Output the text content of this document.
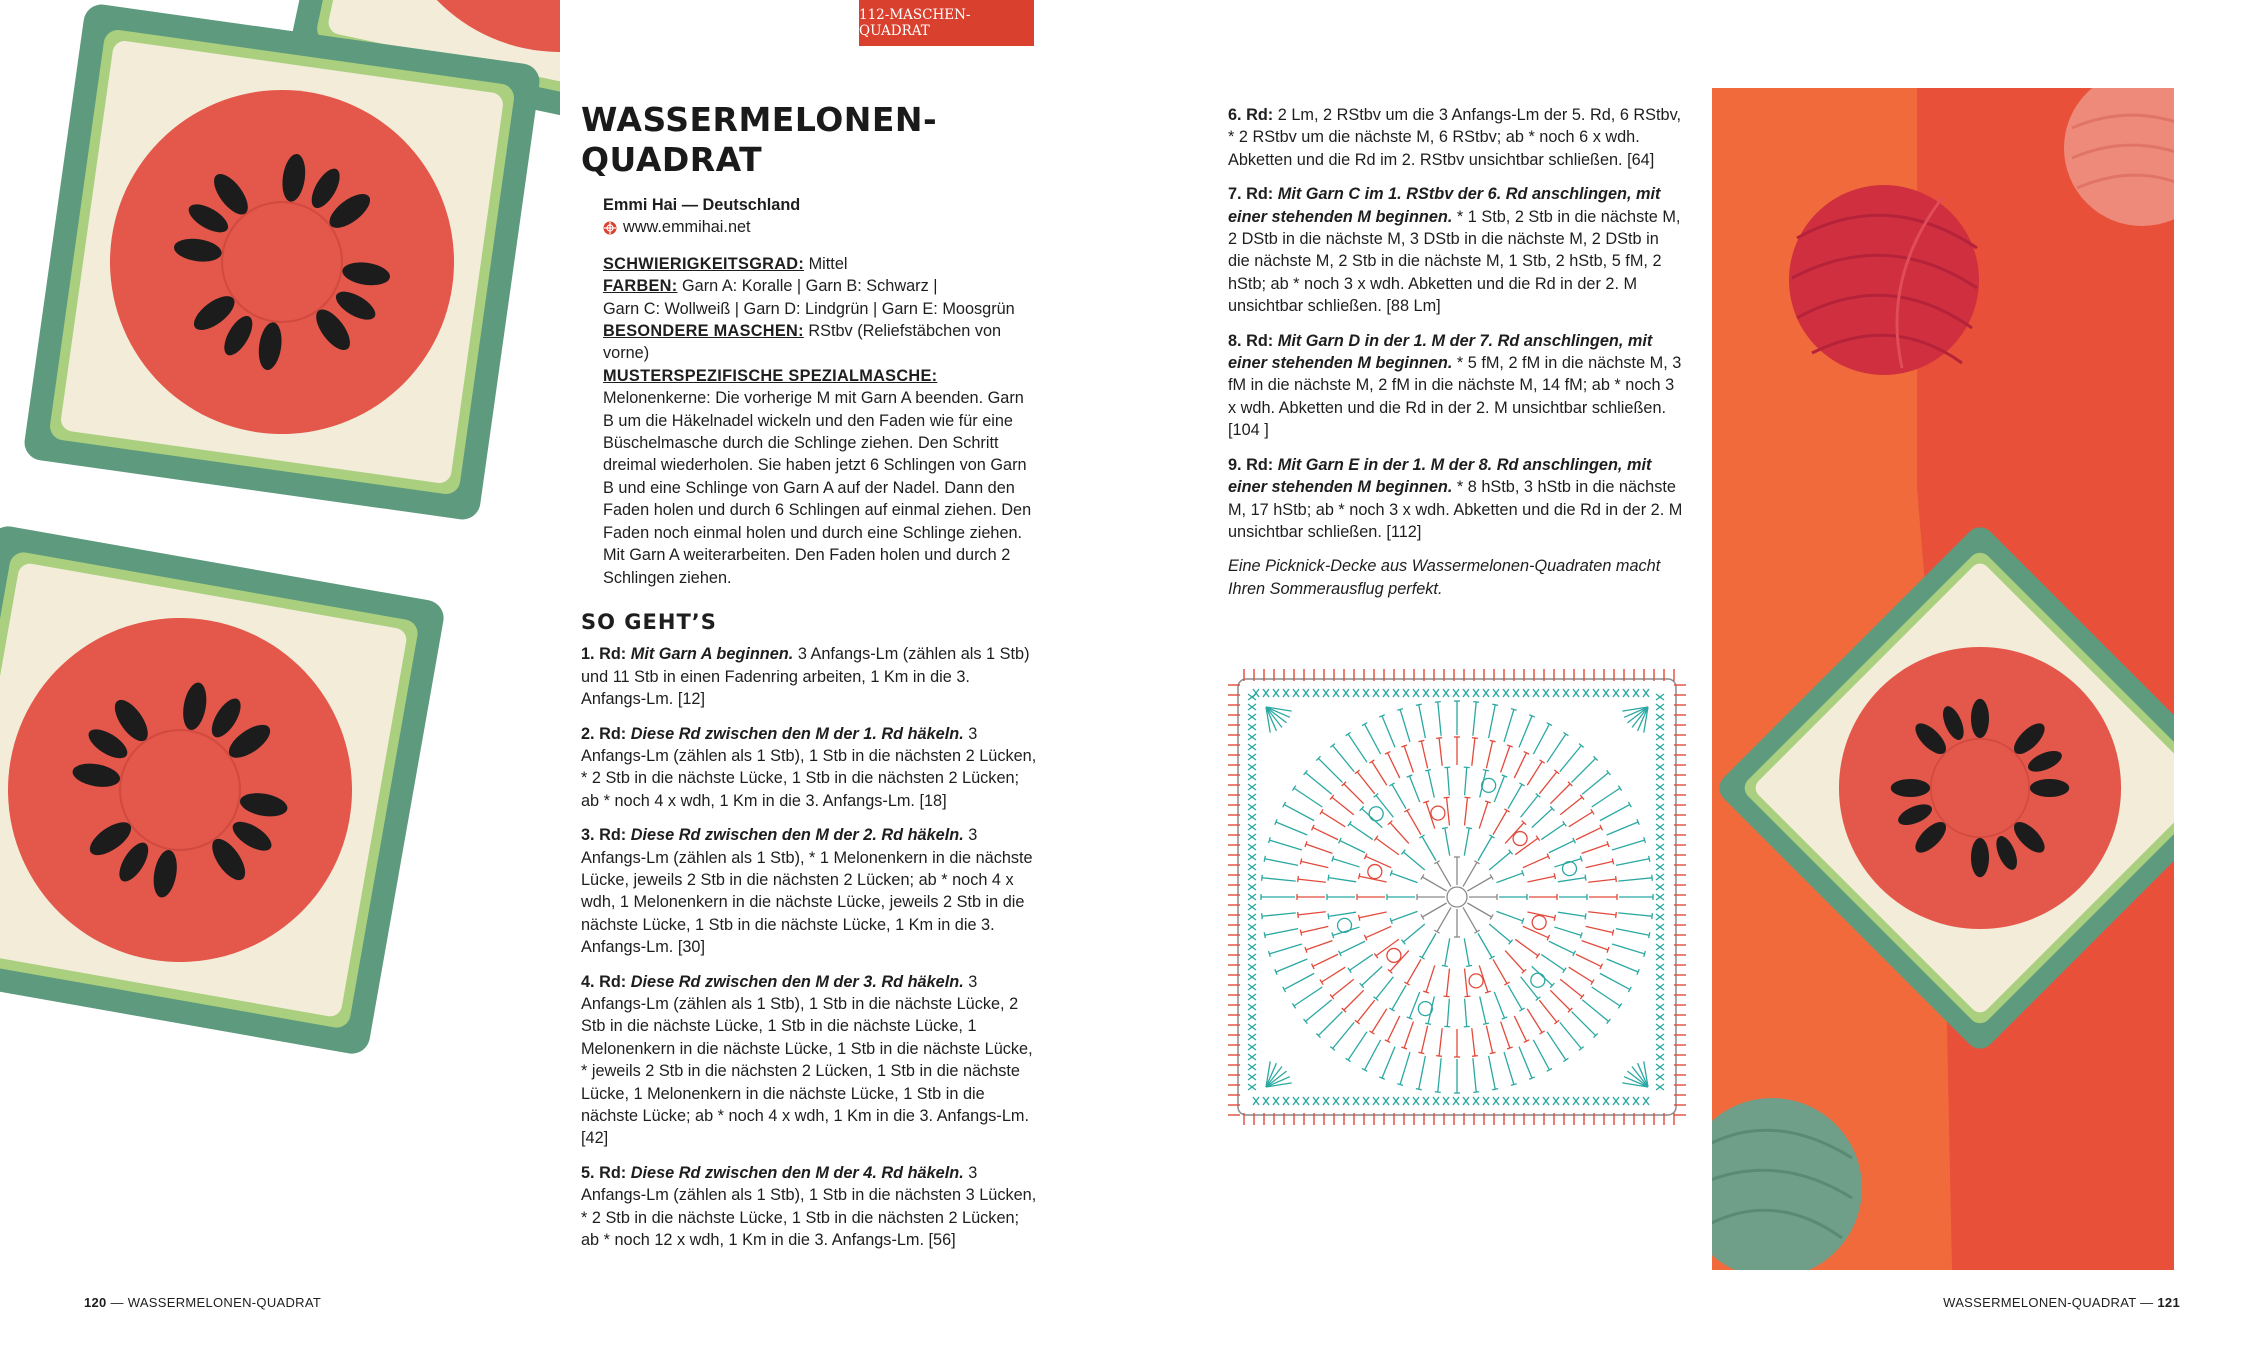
112-MASCHEN-QUADRAT
WASSERMELONEN-
QUADRAT
Emmi Hai — Deutschland
www.emmihai.net

SCHWIERIGKEITSGRAD: Mittel

FARBEN: Garn A: Koralle | Garn B: Schwarz |
Garn C: Wollweiß | Garn D: Lindgrün | Garn E: Moosgrün

BESONDERE MASCHEN: RStbv (Reliefstäbchen von vorne)

MUSTERSPEZIFISCHE SPEZIALMASCHE: Melonenkerne: Die vorherige M mit Garn A beenden. Garn B um die Häkelnadel wickeln und den Faden wie für eine Büschelmasche durch die Schlinge ziehen. Den Schritt dreimal wiederholen. Sie haben jetzt 6 Schlingen von Garn B und eine Schlinge von Garn A auf der Nadel. Dann den Faden holen und durch 6 Schlingen auf einmal ziehen. Den Faden noch einmal holen und durch eine Schlinge ziehen. Mit Garn A weiterarbeiten. Den Faden holen und durch 2 Schlingen ziehen.

SO GEHT’S

1. Rd: Mit Garn A beginnen. 3 Anfangs-Lm (zählen als 1 Stb) und 11 Stb in einen Fadenring arbeiten, 1 Km in die 3. Anfangs-Lm. [12]

2. Rd: Diese Rd zwischen den M der 1. Rd häkeln. 3 Anfangs-Lm (zählen als 1 Stb), 1 Stb in die nächsten 2 Lücken, * 2 Stb in die nächste Lücke, 1 Stb in die nächsten 2 Lücken; ab * noch 4 x wdh, 1 Km in die 3. Anfangs-Lm. [18]

3. Rd: Diese Rd zwischen den M der 2. Rd häkeln. 3 Anfangs-Lm (zählen als 1 Stb), * 1 Melonenkern in die nächste Lücke, jeweils 2 Stb in die nächsten 2 Lücken; ab * noch 4 x wdh, 1 Melonenkern in die nächste Lücke, jeweils 2 Stb in die nächste Lücke, 1 Stb in die nächste Lücke, 1 Km in die 3. Anfangs-Lm. [30]

4. Rd: Diese Rd zwischen den M der 3. Rd häkeln. 3 Anfangs-Lm (zählen als 1 Stb), 1 Stb in die nächste Lücke, 2 Stb in die nächste Lücke, 1 Stb in die nächste Lücke, 1 Melonenkern in die nächste Lücke, 1 Stb in die nächste Lücke, * jeweils 2 Stb in die nächsten 2 Lücken, 1 Stb in die nächste Lücke, 1 Melonenkern in die nächste Lücke, 1 Stb in die nächste Lücke; ab * noch 4 x wdh, 1 Km in die 3. Anfangs-Lm. [42]

5. Rd: Diese Rd zwischen den M der 4. Rd häkeln. 3 Anfangs-Lm (zählen als 1 Stb), 1 Stb in die nächsten 3 Lücken, * 2 Stb in die nächste Lücke, 1 Stb in die nächsten 2 Lücken; ab * noch 12 x wdh, 1 Km in die 3. Anfangs-Lm. [56]

6. Rd: 2 Lm, 2 RStbv um die 3 Anfangs-Lm der 5. Rd, 6 RStbv, * 2 RStbv um die nächste M, 6 RStbv; ab * noch 6 x wdh. Abketten und die Rd im 2. RStbv unsichtbar schließen. [64]

7. Rd: Mit Garn C im 1. RStbv der 6. Rd anschlingen, mit einer stehenden M beginnen. * 1 Stb, 2 Stb in die nächste M, 2 DStb in die nächste M, 3 DStb in die nächste M, 2 DStb in die nächste M, 2 Stb in die nächste M, 1 Stb, 2 hStb, 5 fM, 2 hStb; ab * noch 3 x wdh. Abketten und die Rd in der 2. M unsichtbar schließen. [88 Lm]

8. Rd: Mit Garn D in der 1. M der 7. Rd anschlingen, mit einer stehenden M beginnen. * 5 fM, 2 fM in die nächste M, 3 fM in die nächste M, 2 fM in die nächste M, 14 fM; ab * noch 3 x wdh. Abketten und die Rd in der 2. M unsichtbar schließen. [104 ]

9. Rd: Mit Garn E in der 1. M der 8. Rd anschlingen, mit einer stehenden M beginnen. * 8 hStb, 3 hStb in die nächste M, 17 hStb; ab * noch 3 x wdh. Abketten und die Rd in der 2. M unsichtbar schließen. [112]

Eine Picknick-Decke aus Wassermelonen-Quadraten macht Ihren Sommerausflug perfekt.

120 — WASSERMELONEN-QUADRAT	WASSERMELONEN-QUADRAT — 121
